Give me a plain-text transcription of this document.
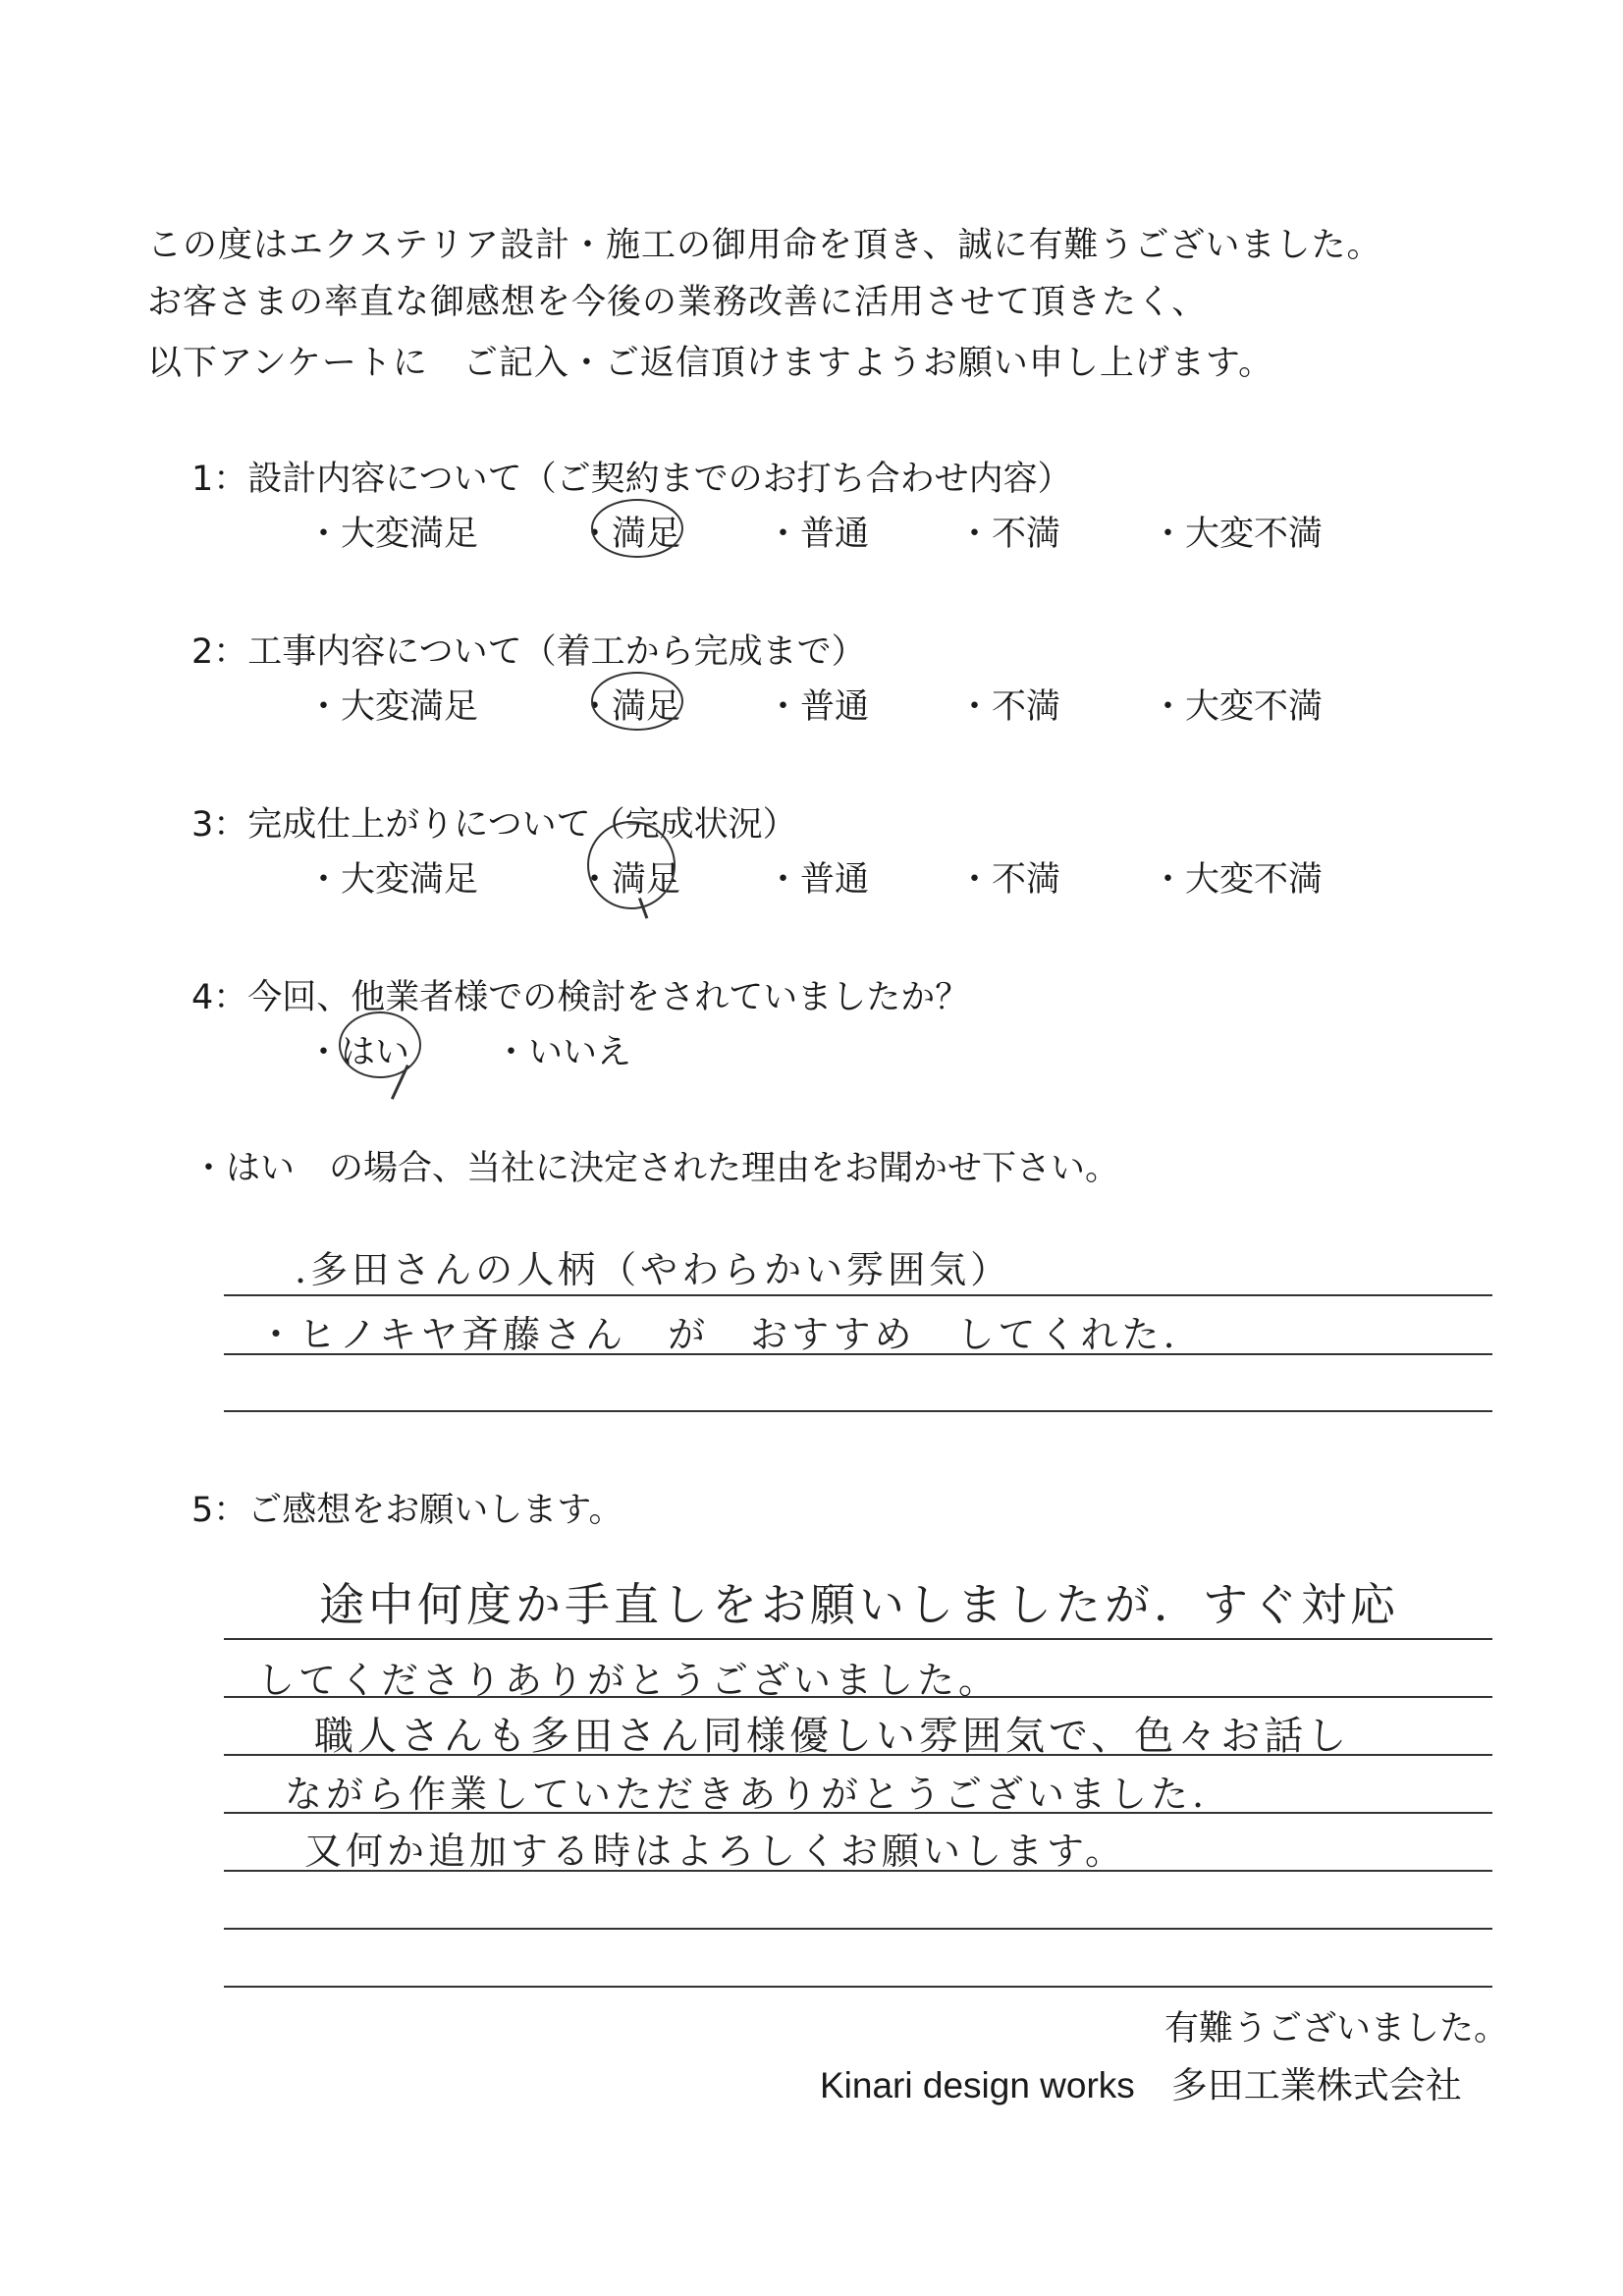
この度はエクステリア設計・施工の御用命を頂き、誠に有難うございました。
お客さまの率直な御感想を今後の業務改善に活用させて頂きたく、
以下アンケートに　ご記入・ご返信頂けますようお願い申し上げます。
1：設計内容について（ご契約までのお打ち合わせ内容）
・大変満足	・満足 ・普通	・不満	・大変不満
2：工事内容について（着工から完成まで）
・大変満足	・満足 ・普通	・不満	・大変不満
3：完成仕上がりについて（完成状況）
・大変満足	・満足 ・普通	・不満	・大変不満
4：今回、他業者様での検討をされていましたか？
・はい ・いいえ
・はい　の場合、当社に決定された理由をお聞かせ下さい。
.多田さんの人柄（やわらかい雰囲気）
・ヒノキヤ斉藤さん　が　おすすめ　してくれた.
5：ご感想をお願いします。
途中何度か手直しをお願いしましたが．すぐ対応
してくださりありがとうございました。
職人さんも多田さん同様優しい雰囲気で、色々お話し
ながら作業していただきありがとうございました.
又何か追加する時はよろしくお願いします。
有難うございました。
Kinari design works　多田工業株式会社
